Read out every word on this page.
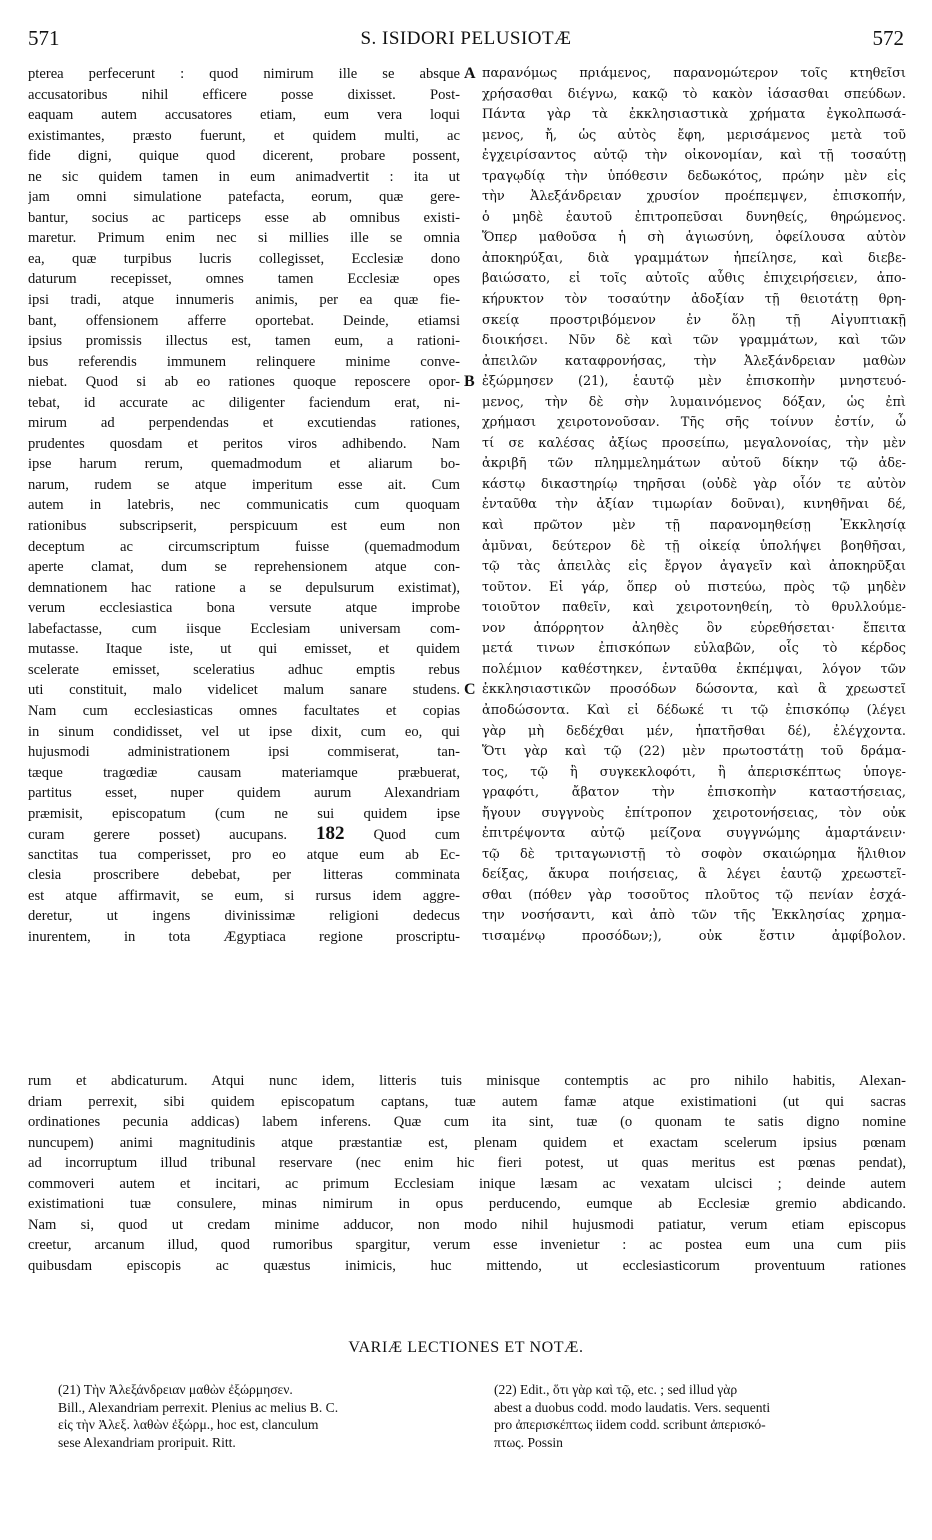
571	S. ISIDORI PELUSIOTÆ	572
pterea perfecerunt : quod nimirum ille se absque
accusatoribus nihil efficere posse dixisset. Post-
eaquam autem accusatores etiam, eum vera loqui
existimantes, præsto fuerunt, et quidem multi, ac
fide digni, quique quod dicerent, probare possent,
ne sic quidem tamen in eum animadvertit : ita ut
jam omni simulatione patefacta, eorum, quæ gere-
bantur, socius ac particeps esse ab omnibus existi-
maretur. Primum enim nec si millies ille se omnia
ea, quæ turpibus lucris collegisset, Ecclesiæ dono
daturum recepisset, omnes tamen Ecclesiæ opes
ipsi tradi, atque innumeris animis, per ea quæ fie-
bant, offensionem afferre oportebat. Deinde, etiamsi
ipsius promissis illectus est, tamen eum, a rationi-
bus referendis immunem relinquere minime conve-
niebat. Quod si ab eo rationes quoque reposcere opor-
tebat, id accurate ac diligenter faciendum erat, ni-
mirum ad perpendendas et excutiendas rationes,
prudentes quosdam et peritos viros adhibendo. Nam
ipse harum rerum, quemadmodum et aliarum bo-
narum, rudem se atque imperitum esse ait. Cum
autem in latebris, nec communicatis cum quoquam
rationibus subscripserit, perspicuum est eum non
deceptum ac circumscriptum fuisse (quemadmodum
aperte clamat, dum se reprehensionem atque con-
demnationem hac ratione a se depulsurum existimat),
verum ecclesiastica bona versute atque improbe
labefactasse, cum iisque Ecclesiam universam com-
mutasse. Itaque iste, ut qui emisset, et quidem
scelerate emisset, sceleratius adhuc emptis rebus
uti constituit, malo videlicet malum sanare studens.
Nam cum ecclesiasticas omnes facultates et copias
in sinum condidisset, vel ut ipse dixit, cum eo, qui
hujusmodi administrationem ipsi commiserat, tan-
tæque tragœdiæ causam materiamque præbuerat,
partitus esset, nuper quidem aurum Alexandriam
præmisit, episcopatum (cum ne sui quidem ipse
curam gerere posset) aucupans. 182 Quod cum
sanctitas tua comperisset, pro eo atque eum ab Ec-
clesia proscribere debebat, per litteras comminata
est atque affirmavit, se eum, si rursus idem aggre-
deretur, ut ingens divinissimæ religioni dedecus
inurentem, in tota Ægyptiaca regione proscriptu-
παρανόμως πριάμενος, παρανομώτερον τοῖς κτηθεῖσι
χρήσασθαι διέγνω, κακῷ τὸ κακὸν ἰάσασθαι σπεύδων.
Πάντα γὰρ τὰ ἐκκλησιαστικὰ χρήματα ἐγκολπωσά-
μενος, ἤ, ὡς αὐτὸς ἔφη, μερισάμενος μετὰ τοῦ
ἐγχειρίσαντος αὐτῷ τὴν οἰκονομίαν, καὶ τῇ τοσαύτῃ
τραγῳδίᾳ τὴν ὑπόθεσιν δεδωκότος, πρώην μὲν εἰς
τὴν Ἀλεξάνδρειαν χρυσίον προέπεμψεν, ἐπισκοπήν,
ὁ μηδὲ ἑαυτοῦ ἐπιτροπεῦσαι δυνηθείς, θηρώμενος.
Ὅπερ μαθοῦσα ἡ σὴ ἁγιωσύνη, ὀφείλουσα αὐτὸν
ἀποκηρύξαι, διὰ γραμμάτων ἠπείλησε, καὶ διεβε-
βαιώσατο, εἰ τοῖς αὐτοῖς αὖθις ἐπιχειρήσειεν, ἀπο-
κήρυκτον τὸν τοσαύτην ἀδοξίαν τῇ θειοτάτῃ θρη-
σκείᾳ προστριβόμενον ἐν ὅλῃ τῇ Αἰγυπτιακῇ
διοικήσει. Νῦν δὲ καὶ τῶν γραμμάτων, καὶ τῶν
ἀπειλῶν καταφρονήσας, τὴν Ἀλεξάνδρειαν μαθὼν
ἐξώρμησεν (21), ἑαυτῷ μὲν ἐπισκοπὴν μνηστευό-
μενος, τὴν δὲ σὴν λυμαινόμενος δόξαν, ὡς ἐπὶ
χρήμασι χειροτονοῦσαν. Τῆς σῆς τοίνυν ἐστίν, ὦ
τί σε καλέσας ἀξίως προσείπω, μεγαλονοίας, τὴν μὲν
ἀκριβῆ τῶν πλημμελημάτων αὐτοῦ δίκην τῷ ἀδε-
κάστῳ δικαστηρίῳ τηρῆσαι (οὐδὲ γὰρ οἷόν τε αὐτὸν
ἐνταῦθα τὴν ἀξίαν τιμωρίαν δοῦναι), κινηθῆναι δέ,
καὶ πρῶτον μὲν τῇ παρανομηθείσῃ Ἐκκλησίᾳ
ἀμῦναι, δεύτερον δὲ τῇ οἰκείᾳ ὑπολήψει βοηθῆσαι,
τῷ τὰς ἀπειλὰς εἰς ἔργον ἀγαγεῖν καὶ ἀποκηρῦξαι
τοῦτον. Εἰ γάρ, ὅπερ οὐ πιστεύω, πρὸς τῷ μηδὲν
τοιοῦτον παθεῖν, καὶ χειροτονηθείη, τὸ θρυλλούμε-
νον ἀπόρρητον ἀληθὲς ὂν εὑρεθήσεται· ἔπειτα
μετά τινων ἐπισκόπων εὐλαβῶν, οἷς τὸ κέρδος
πολέμιον καθέστηκεν, ἐνταῦθα ἐκπέμψαι, λόγον τῶν
ἐκκλησιαστικῶν προσόδων δώσοντα, καὶ ἃ χρεωστεῖ
ἀποδώσοντα. Καὶ εἰ δέδωκέ τι τῷ ἐπισκόπῳ (λέγει
γὰρ μὴ δεδέχθαι μέν, ἠπατῆσθαι δέ), ἐλέγχοντα.
Ὅτι γὰρ καὶ τῷ (22) μὲν πρωτοστάτῃ τοῦ δράμα-
τος, τῷ ἢ συγκεκλοφότι, ἢ ἀπερισκέπτως ὑπογε-
γραφότι, ἄβατον τὴν ἐπισκοπὴν καταστήσειας,
ἤγουν συγγνοὺς ἐπίτροπον χειροτονήσειας, τὸν οὐκ
ἐπιτρέψοντα αὐτῷ μείζονα συγγνώμης ἁμαρτάνειν·
τῷ δὲ τριταγωνιστῇ τὸ σοφὸν σκαιώρημα ἥλιθιον
δείξας, ἄκυρα ποιήσειας, ἃ λέγει ἑαυτῷ χρεωστεῖ-
σθαι (πόθεν γὰρ τοσοῦτος πλοῦτος τῷ πενίαν ἐσχά-
την νοσήσαντι, καὶ ἀπὸ τῶν τῆς Ἐκκλησίας χρημα-
τισαμένῳ προσόδων;), οὐκ ἔστιν ἀμφίβολον.
A
B
C
rum et abdicaturum. Atqui nunc idem, litteris tuis minisque contemptis ac pro nihilo habitis, Alexan-
driam perrexit, sibi quidem episcopatum captans, tuæ autem famæ atque existimationi (ut qui sacras
ordinationes pecunia addicas) labem inferens. Quæ cum ita sint, tuæ (o quonam te satis digno nomine
nuncupem) animi magnitudinis atque præstantiæ est, plenam quidem et exactam scelerum ipsius pœnam
ad incorruptum illud tribunal reservare (nec enim hic fieri potest, ut quas meritus est pœnas pendat),
commoveri autem et incitari, ac primum Ecclesiam inique læsam ac vexatam ulcisci ; deinde autem
existimationi tuæ consulere, minas nimirum in opus perducendo, eumque ab Ecclesiæ gremio abdicando.
Nam si, quod ut credam minime adducor, non modo nihil hujusmodi patiatur, verum etiam episcopus
creetur, arcanum illud, quod rumoribus spargitur, verum esse invenietur : ac postea eum una cum piis
quibusdam episcopis ac quæstus inimicis, huc mittendo, ut ecclesiasticorum proventuum rationes
VARIÆ LECTIONES ET NOTÆ.
(21) Τὴν Ἀλεξάνδρειαν μαθὼν ἐξώρμησεν.
Bill., Alexandriam perrexit. Plenius ac melius B. C.
εἰς τὴν Ἀλεξ. λαθὼν ἐξώρμ., hoc est, clanculum
sese Alexandriam proripuit. Ritt.
(22) Edit., ὅτι γὰρ καὶ τῷ, etc. ; sed illud γὰρ
abest a duobus codd. modo laudatis. Vers. sequenti
pro ἀπερισκέπτως iidem codd. scribunt ἀπερισκό-
πτως. Possin
